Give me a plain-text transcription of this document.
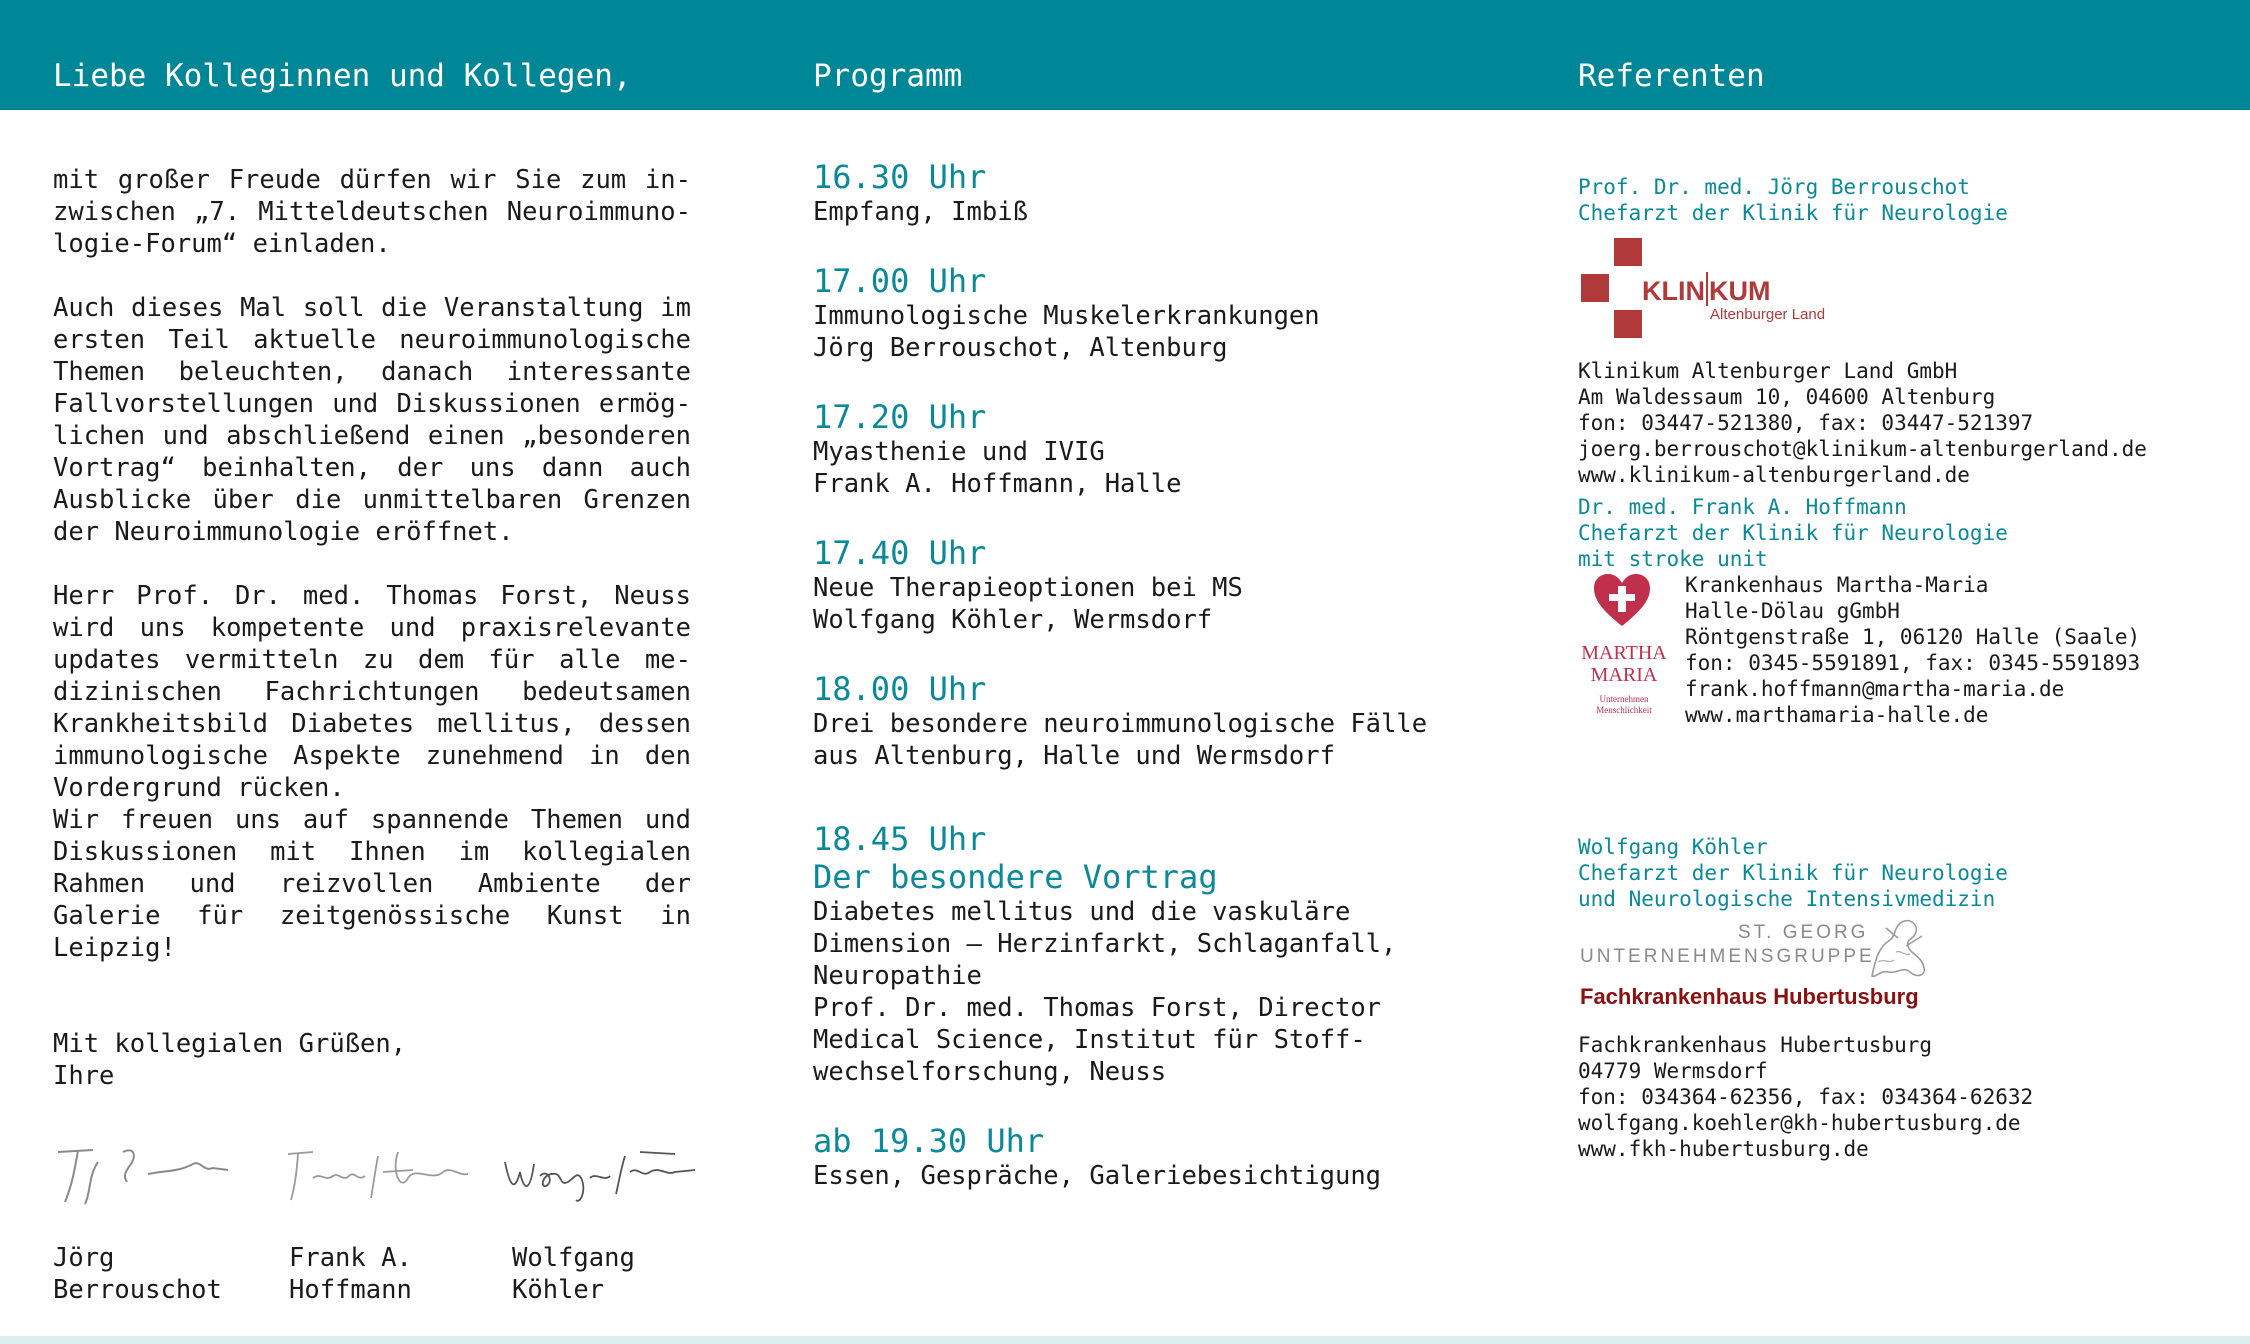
Liebe Kolleginnen und Kollegen,	Programm	Referenten

mit großer Freude dürfen wir Sie zum inzwischen „7. Mitteldeutschen Neuroimmunologie-Forum“ einladen.

Auch dieses Mal soll die Veranstaltung im ersten Teil aktuelle neuroimmunologische Themen beleuchten, danach interessante Fallvorstellungen und Diskussionen ermöglichen und abschließend einen „besonderen Vortrag“ beinhalten, der uns dann auch Ausblicke über die unmittelbaren Grenzen der Neuroimmunologie eröffnet.

Herr Prof. Dr. med. Thomas Forst, Neuss wird uns kompetente und praxisrelevante updates vermitteln zu dem für alle medizinischen Fachrichtungen bedeutsamen Krankheitsbild Diabetes mellitus, dessen immunologische Aspekte zunehmend in den Vordergrund rücken.

Wir freuen uns auf spannende Themen und Diskussionen mit Ihnen im kollegialen Rahmen und reizvollen Ambiente der Galerie für zeitgenössische Kunst in Leipzig!

Mit kollegialen Grüßen,
Ihre

Jörg
Berrouschot
Frank A.
Hoffmann
Wolfgang
Köhler
16.30 Uhr
Empfang, Imbiß
17.00 Uhr
Immunologische Muskelerkrankungen
Jörg Berrouschot, Altenburg
17.20 Uhr
Myasthenie und IVIG
Frank A. Hoffmann, Halle
17.40 Uhr
Neue Therapieoptionen bei MS
Wolfgang Köhler, Wermsdorf
18.00 Uhr
Drei besondere neuroimmunologische Fälle
aus Altenburg, Halle und Wermsdorf
18.45 Uhr
Der besondere Vortrag
Diabetes mellitus und die vaskuläre
Dimension – Herzinfarkt, Schlaganfall,
Neuropathie
Prof. Dr. med. Thomas Forst, Director
Medical Science, Institut für Stoff-
wechselforschung, Neuss
ab 19.30 Uhr
Essen, Gespräche, Galeriebesichtigung
Prof. Dr. med. Jörg Berrouschot
Chefarzt der Klinik für Neurologie
KLIN KUM
Altenburger Land
Klinikum Altenburger Land GmbH
Am Waldessaum 10, 04600 Altenburg
fon: 03447-521380, fax: 03447-521397
joerg.berrouschot@klinikum-altenburgerland.de
www.klinikum-altenburgerland.de
Dr. med. Frank A. Hoffmann
Chefarzt der Klinik für Neurologie
mit stroke unit
MARTHA
MARIA
Unternehmen
Menschlichkeit
Krankenhaus Martha-Maria
Halle-Dölau gGmbH
Röntgenstraße 1, 06120 Halle (Saale)
fon: 0345-5591891, fax: 0345-5591893
frank.hoffmann@martha-maria.de
www.marthamaria-halle.de
Wolfgang Köhler
Chefarzt der Klinik für Neurologie
und Neurologische Intensivmedizin
ST. GEORG
UNTERNEHMENSGRUPPE
Fachkrankenhaus Hubertusburg
Fachkrankenhaus Hubertusburg
04779 Wermsdorf
fon: 034364-62356, fax: 034364-62632
wolfgang.koehler@kh-hubertusburg.de
www.fkh-hubertusburg.de
